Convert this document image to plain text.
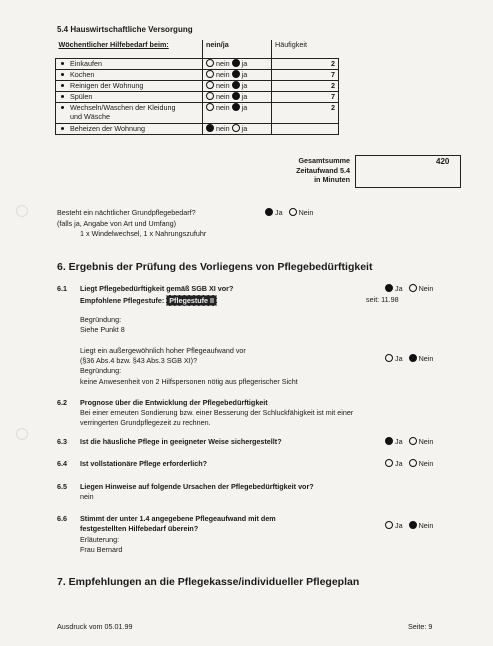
5.4 Hauswirtschaftliche Versorgung
Wöchentlicher Hilfebedarf beim:	nein/ja	Häufigkeit
Einkaufen	nein ja	2
Kochen	nein ja	7
Reinigen der Wohnung	nein ja	2
Spülen	nein ja	7
Wechseln/Waschen der Kleidung
und Wäsche	nein ja	2
Beheizen der Wohnung	nein ja	
Gesamtsumme
Zeitaufwand 5.4
in Minuten
420
Besteht ein nächtlicher Grundpflegebedarf?	Ja Nein
(falls ja, Angabe von Art und Umfang)
1 x Windelwechsel, 1 x Nahrungszufuhr
6. Ergebnis der Prüfung des Vorliegens von Pflegebedürftigkeit
6.1 Liegt Pflegebedürftigkeit gemäß SGB XI vor?	Ja Nein
Empfohlene Pflegestufe: Pflegestufe II	seit: 11.98
Begründung:
Siehe Punkt 8
Liegt ein außergewöhnlich hoher Pflegeaufwand vor
(§36 Abs.4 bzw. §43 Abs.3 SGB XI)?	Ja Nein
Begründung:
keine Anwesenheit von 2 Hilfspersonen nötig aus pflegerischer Sicht
6.2 Prognose über die Entwicklung der Pflegebedürftigkeit
Bei einer erneuten Sondierung bzw. einer Besserung der Schluckfähigkeit ist mit einer
verringerten Grundpflegezeit zu rechnen.
6.3 Ist die häusliche Pflege in geeigneter Weise sichergestellt?	Ja Nein
6.4 Ist vollstationäre Pflege erforderlich?	Ja Nein
6.5 Liegen Hinweise auf folgende Ursachen der Pflegebedürftigkeit vor?
nein
6.6 Stimmt der unter 1.4 angegebene Pflegeaufwand mit dem
festgestellten Hilfebedarf überein?	Ja Nein
Erläuterung:
Frau Bernard
7. Empfehlungen an die Pflegekasse/individueller Pflegeplan
Ausdruck vom 05.01.99	Seite: 9
